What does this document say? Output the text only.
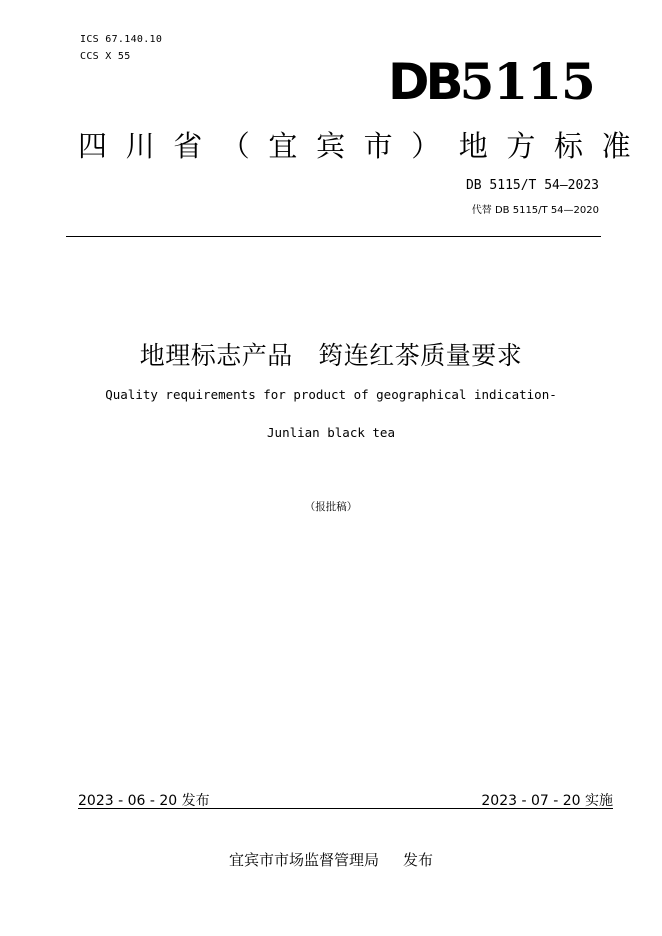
ICS 67.140.10
CCS X 55	DB5115
四川省（宜宾市）地方标准
DB 5115/T 54—2023
代替 DB 5115/T 54—2020
地理标志产品　筠连红茶质量要求
Quality requirements for product of geographical indication-
Junlian black tea
（报批稿）
2023 - 06 - 20 发布	2023 - 07 - 20 实施
宜宾市市场监督管理局 发布
